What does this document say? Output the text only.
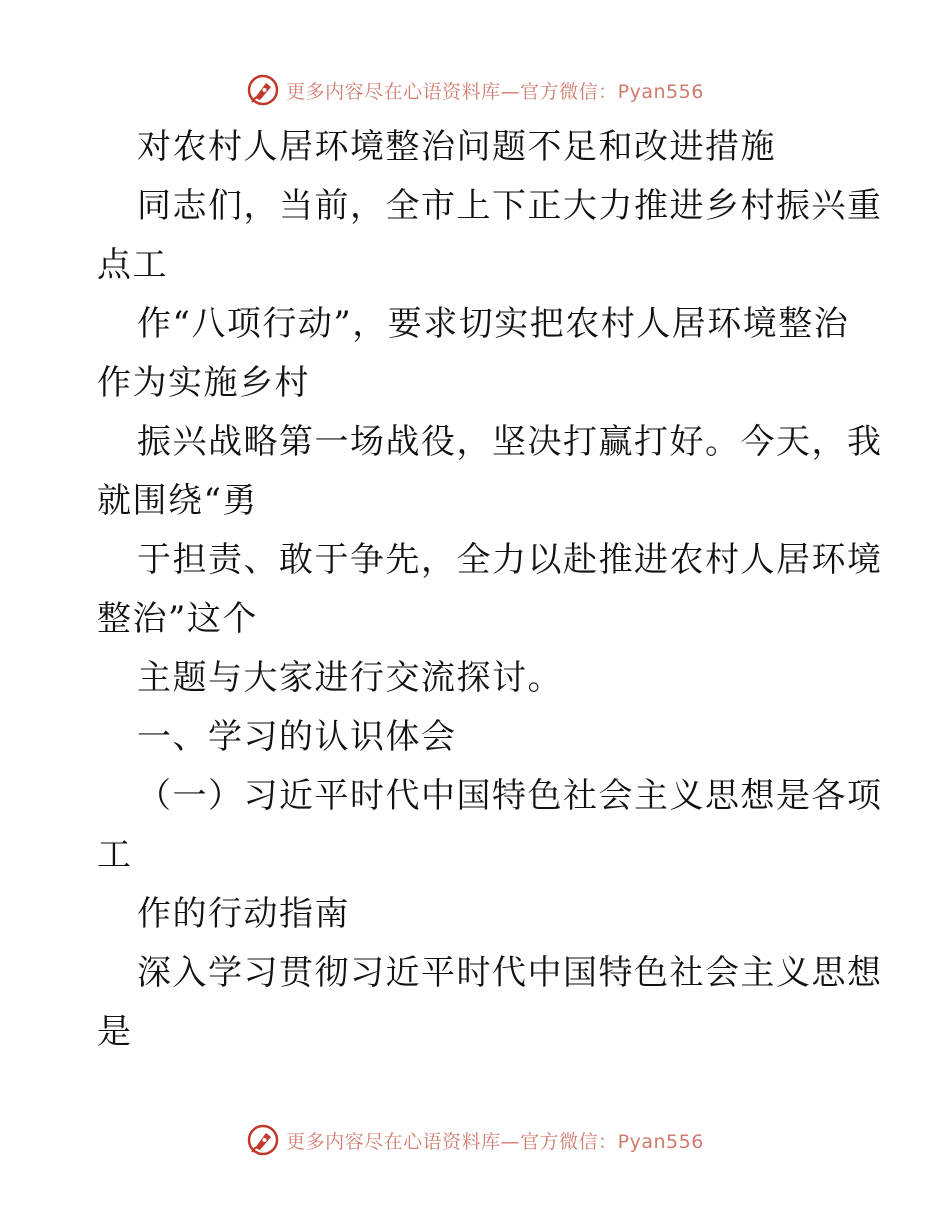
更多内容尽在心语资料库—官方微信：Pyan556
对农村人居环境整治问题不足和改进措施
同志们，当前，全市上下正大力推进乡村振兴重
点工
作“八项行动”，要求切实把农村人居环境整治
作为实施乡村
振兴战略第一场战役，坚决打赢打好。今天，我
就围绕“勇
于担责、敢于争先，全力以赴推进农村人居环境
整治”这个
主题与大家进行交流探讨。
一、学习的认识体会
（一）习近平时代中国特色社会主义思想是各项
工
作的行动指南
深入学习贯彻习近平时代中国特色社会主义思想
是
更多内容尽在心语资料库—官方微信：Pyan556
